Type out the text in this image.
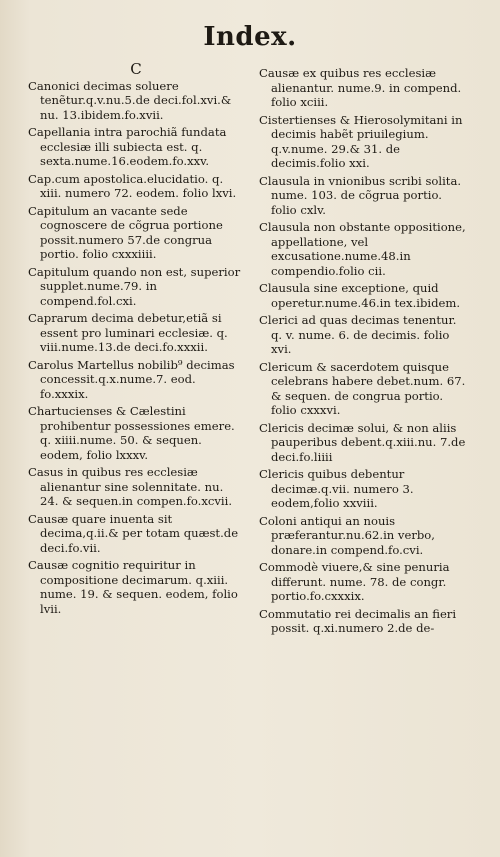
Index.
C
Canonici decimas soluere tenẽtur.q.v.nu.5.de deci.fol.xvi.& nu. 13.ibidem.fo.xvii.
Capellania intra parochiã fundata ecclesiæ illi subiecta est. q. sexta.nume.16.eodem.fo.xxv.
Cap.cum apostolica.elucidatio. q. xiii. numero 72. eodem. folio lxvi.
Capitulum an vacante sede cognoscere de cõgrua portione possit.numero 57.de congrua portio. folio cxxxiiii.
Capitulum quando non est, superior supplet.nume.79. in compend.fol.cxi.
Caprarum decima debetur,etiã si essent pro luminari ecclesiæ. q. viii.nume.13.de deci.fo.xxxii.
Carolus Martellus nobilib⁹ decimas concessit.q.x.nume.7. eod. fo.xxxix.
Chartucienses & Cælestini prohibentur possessiones emere. q. xiiii.nume. 50. & sequen. eodem, folio lxxxv.
Casus in quibus res ecclesiæ alienantur sine solennitate. nu. 24. & sequen.in compen.fo.xcvii.
Causæ quare inuenta sit decima,q.ii.& per totam quæst.de deci.fo.vii.
Causæ cognitio requiritur in compositione decimarum. q.xiii. nume. 19. & sequen. eodem, folio lvii.
Causæ ex quibus res ecclesiæ alienantur. nume.9. in compend. folio xciii.
Cistertienses & Hierosolymitani in decimis habẽt priuilegium. q.v.nume. 29.& 31. de decimis.folio xxi.
Clausula in vnionibus scribi solita. nume. 103. de cõgrua portio. folio cxlv.
Clausula non obstante oppositione, appellatione, vel excusatione.nume.48.in compendio.folio cii.
Clausula sine exceptione, quid operetur.nume.46.in tex.ibidem.
Clerici ad quas decimas tenentur. q. v. nume. 6. de decimis. folio xvi.
Clericum & sacerdotem quisque celebrans habere debet.num. 67. & sequen. de congrua portio. folio cxxxvi.
Clericis decimæ solui, & non aliis pauperibus debent.q.xiii.nu. 7.de deci.fo.liiii
Clericis quibus debentur decimæ.q.vii. numero 3. eodem,folio xxviii.
Coloni antiqui an nouis præferantur.nu.62.in verbo, donare.in compend.fo.cvi.
Commodè viuere,& sine penuria differunt. nume. 78. de congr. portio.fo.cxxxix.
Commutatio rei decimalis an fieri possit. q.xi.numero 2.de de-
